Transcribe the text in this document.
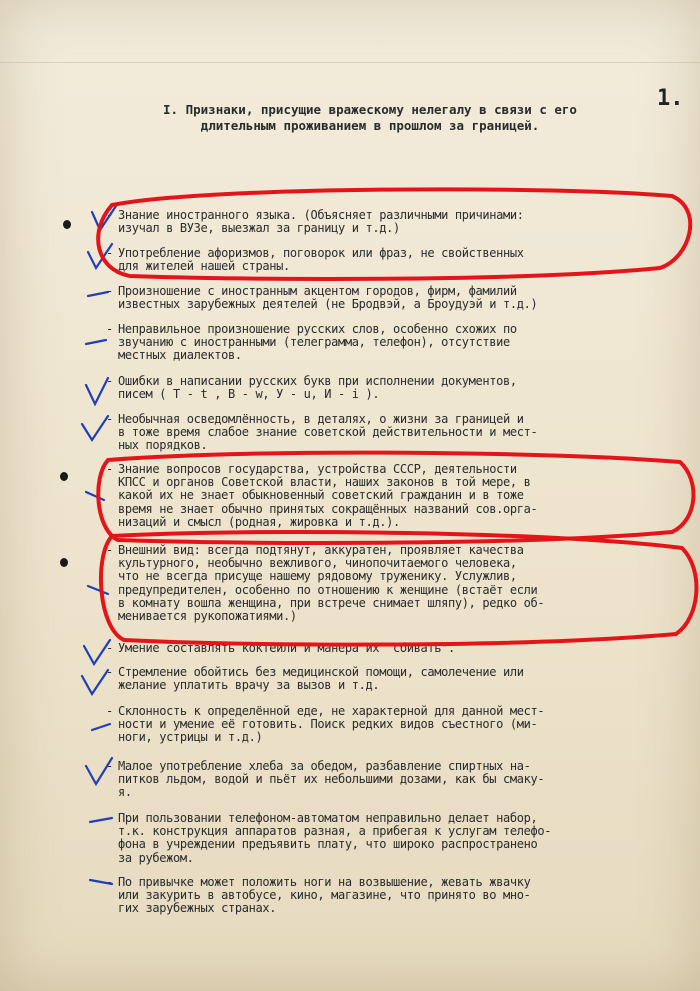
1.
I. Признаки, присущие вражескому нелегалу в связи с его
длительным проживанием в прошлом за границей.
- Знание иностранного языка. (Объясняет различными причинами:
изучал в ВУЗе, выезжал за границу и т.д.)
- Употребление афоризмов, поговорок или фраз, не свойственных
для жителей нашей страны.
- Произношение с иностранным акцентом городов, фирм, фамилий
известных зарубежных деятелей (не Бродвэй, а Броудуэй и т.д.)
- Неправильное произношение русских слов, особенно схожих по
звучанию с иностранными (телеграмма, телефон), отсутствие
местных диалектов.
- Ошибки в написании русских букв при исполнении документов,
писем ( T - t , B - w, У - u, И - i ).
- Необычная осведомлённость, в деталях, о жизни за границей и
в тоже время слабое знание советской действительности и мест-
ных порядков.
- Знание вопросов государства, устройства СССР, деятельности
КПСС и органов Советской власти, наших законов в той мере, в
какой их не знает обыкновенный советский гражданин и в тоже
время не знает обычно принятых сокращённых названий сов.орга-
низаций и смысл (родная, жировка и т.д.).
- Внешний вид: всегда подтянут, аккуратен, проявляет качества
культурного, необычно вежливого, чинопочитаемого человека,
что не всегда присуще нашему рядовому труженику. Услужлив,
предупредителен, особенно по отношению к женщине (встаёт если
в комнату вошла женщина, при встрече снимает шляпу), редко об-
менивается рукопожатиями.)
- Умение составлять коктейли и манера их "сбивать".
- Стремление обойтись без медицинской помощи, самолечение или
желание уплатить врачу за вызов и т.д.
- Склонность к определённой еде, не характерной для данной мест-
ности и умение её готовить. Поиск редких видов съестного (ми-
ноги, устрицы и т.д.)
- Малое употребление хлеба за обедом, разбавление спиртных на-
питков льдом, водой и пьёт их небольшими дозами, как бы смаку-
я.
- При пользовании телефоном-автоматом неправильно делает набор,
т.к. конструкция аппаратов разная, а прибегая к услугам телефо-
фона в учреждении предъявить плату, что широко распространено
за рубежом.
- По привычке может положить ноги на возвышение, жевать жвачку
или закурить в автобусе, кино, магазине, что принято во мно-
гих зарубежных странах.
